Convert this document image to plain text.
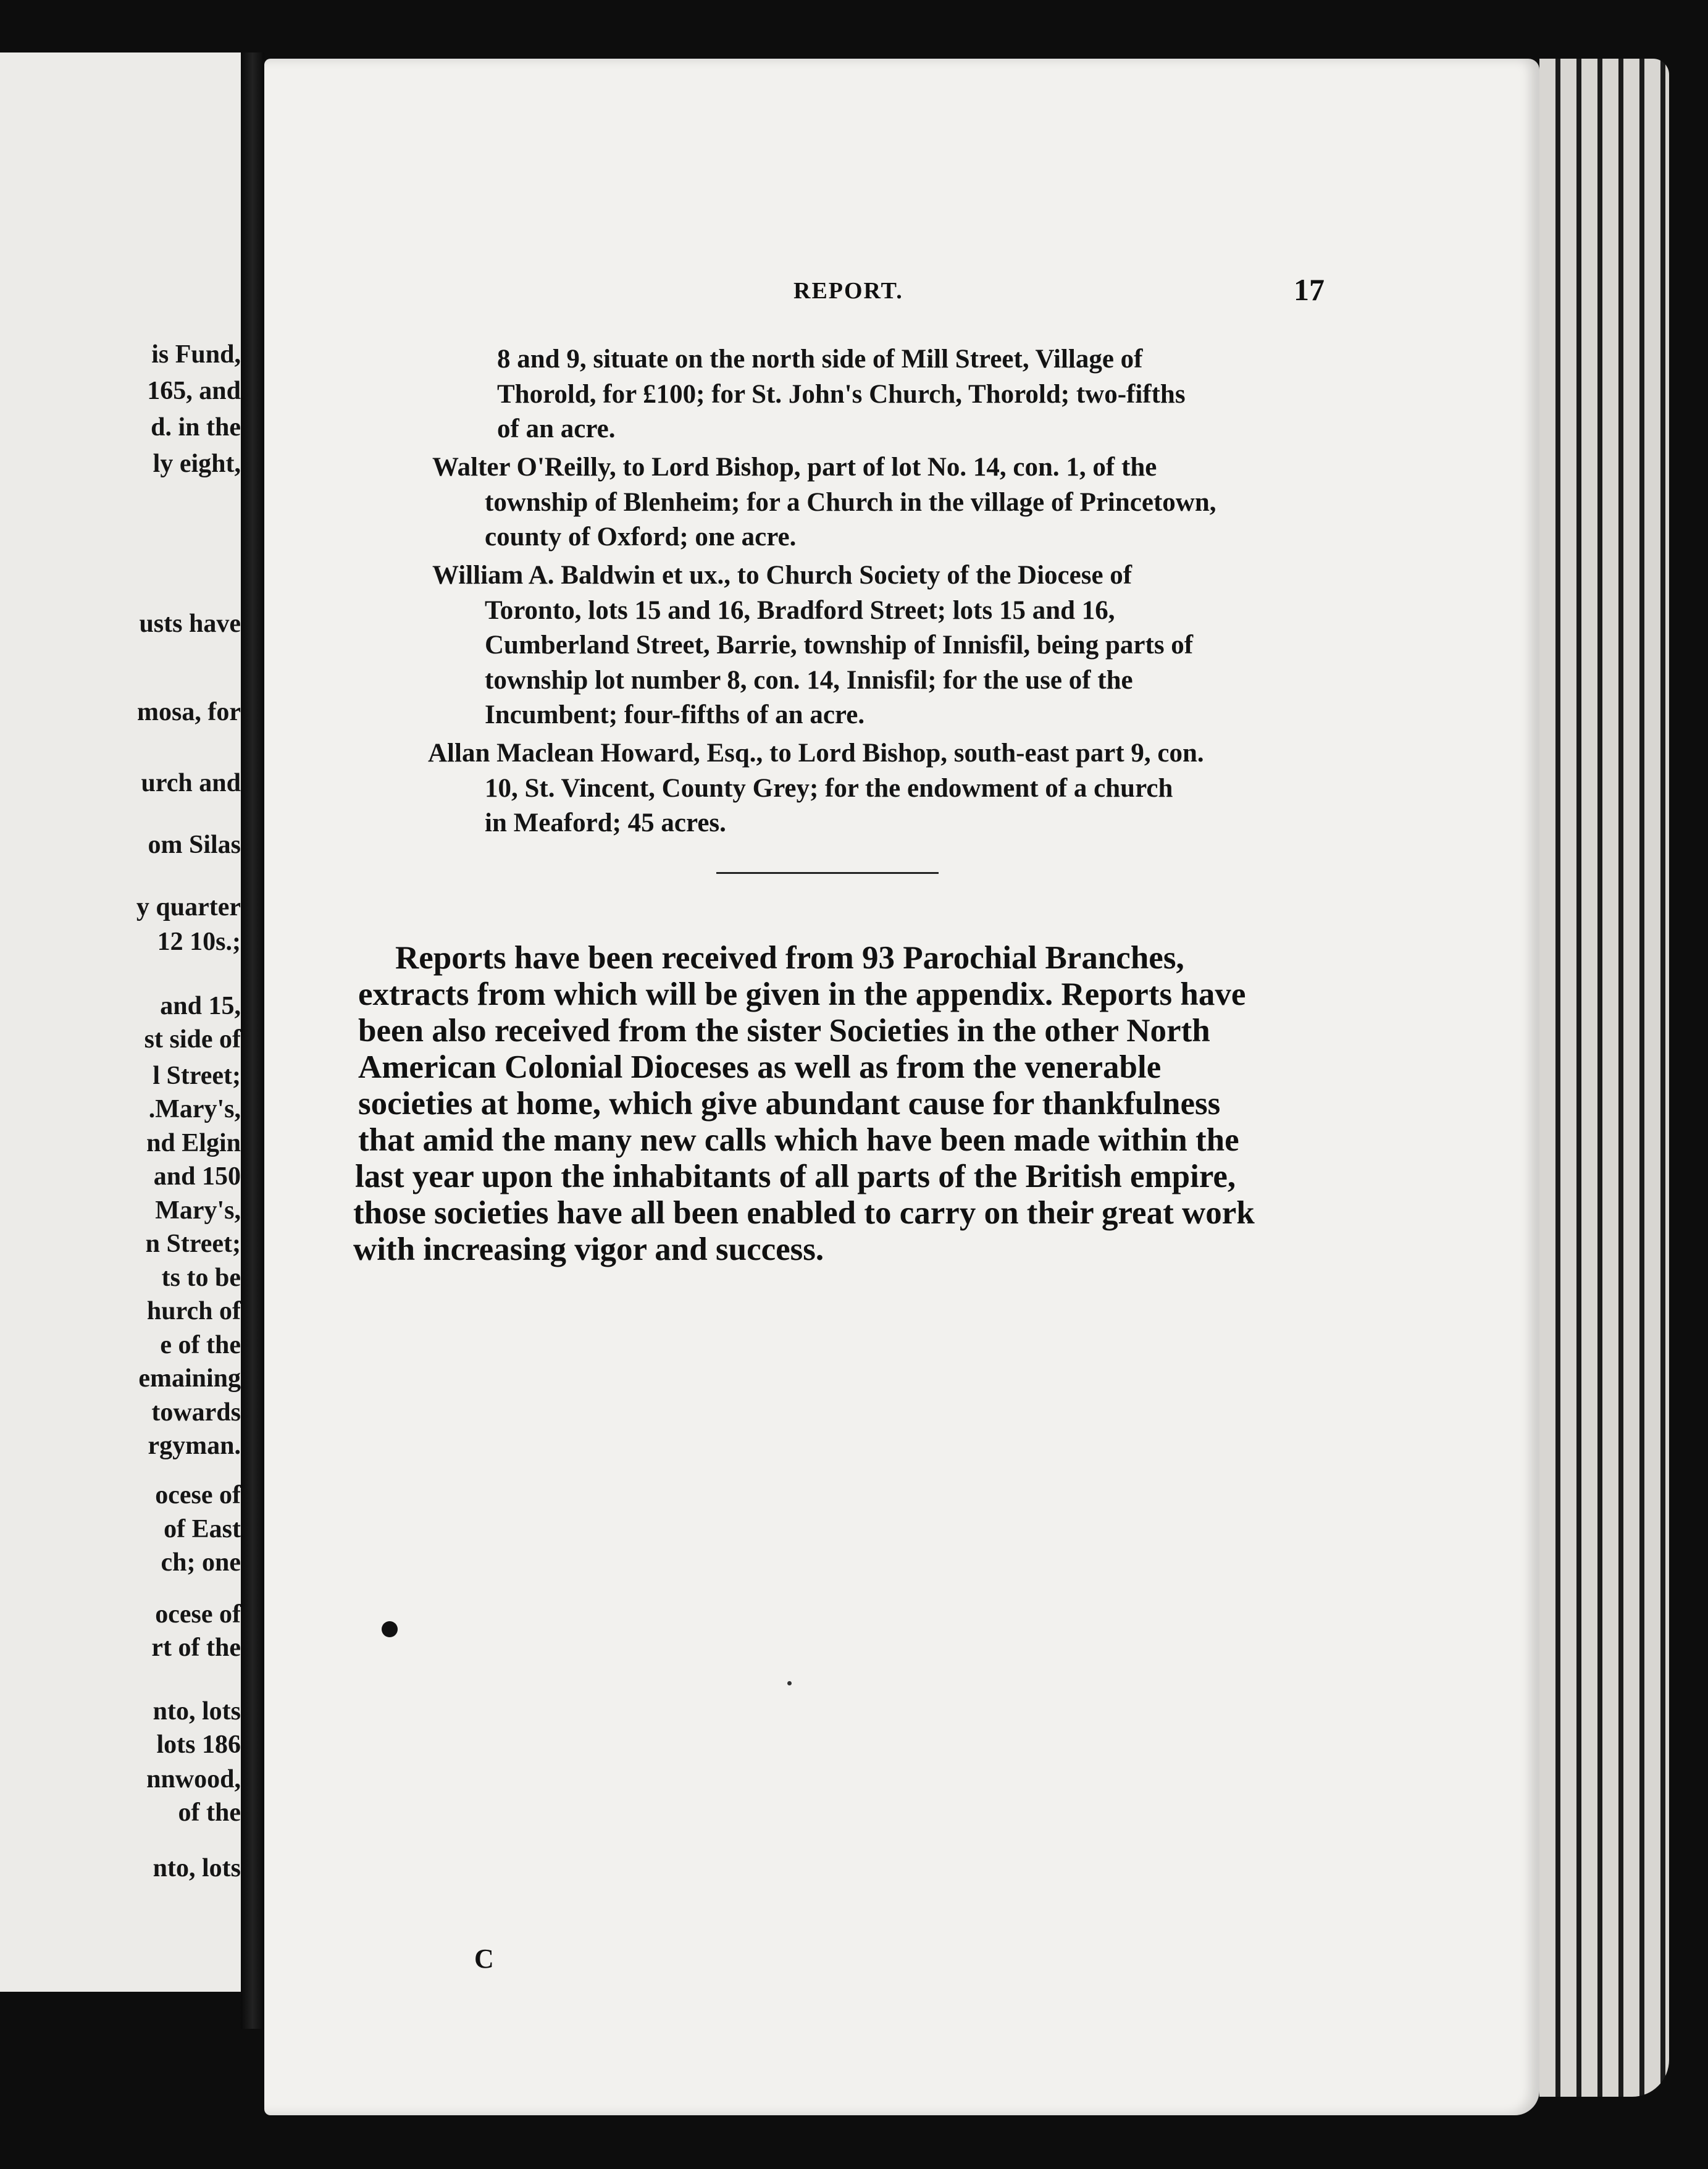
is Fund,

165, and

d. in the

ly eight,

usts have

mosa, for

urch and

om Silas

y quarter

12 10s.;

and 15,

st side of

l Street;

.Mary's,

nd Elgin

and 150

Mary's,

n Street;

ts to be

hurch of

e of the

emaining

towards

rgyman.

ocese of

of East

ch; one

ocese of

rt of the

nto, lots

lots 186

nnwood,

of the

nto, lots

REPORT.	17

8 and 9, situate on the north side of Mill Street, Village of

Thorold, for £100; for St. John's Church, Thorold; two-fifths

of an acre.

Walter O'Reilly, to Lord Bishop, part of lot No. 14, con. 1, of the

township of Blenheim; for a Church in the village of Princetown,

county of Oxford; one acre.

William A. Baldwin et ux., to Church Society of the Diocese of

Toronto, lots 15 and 16, Bradford Street; lots 15 and 16,

Cumberland Street, Barrie, township of Innisfil, being parts of

township lot number 8, con. 14, Innisfil; for the use of the

Incumbent; four-fifths of an acre.

Allan Maclean Howard, Esq., to Lord Bishop, south-east part 9, con.

10, St. Vincent, County Grey; for the endowment of a church

in Meaford; 45 acres.

Reports have been received from 93 Parochial Branches,

extracts from which will be given in the appendix. Reports have

been also received from the sister Societies in the other North

American Colonial Dioceses as well as from the venerable

societies at home, which give abundant cause for thankfulness

that amid the many new calls which have been made within the

last year upon the inhabitants of all parts of the British empire,

those societies have all been enabled to carry on their great work

with increasing vigor and success.

C
